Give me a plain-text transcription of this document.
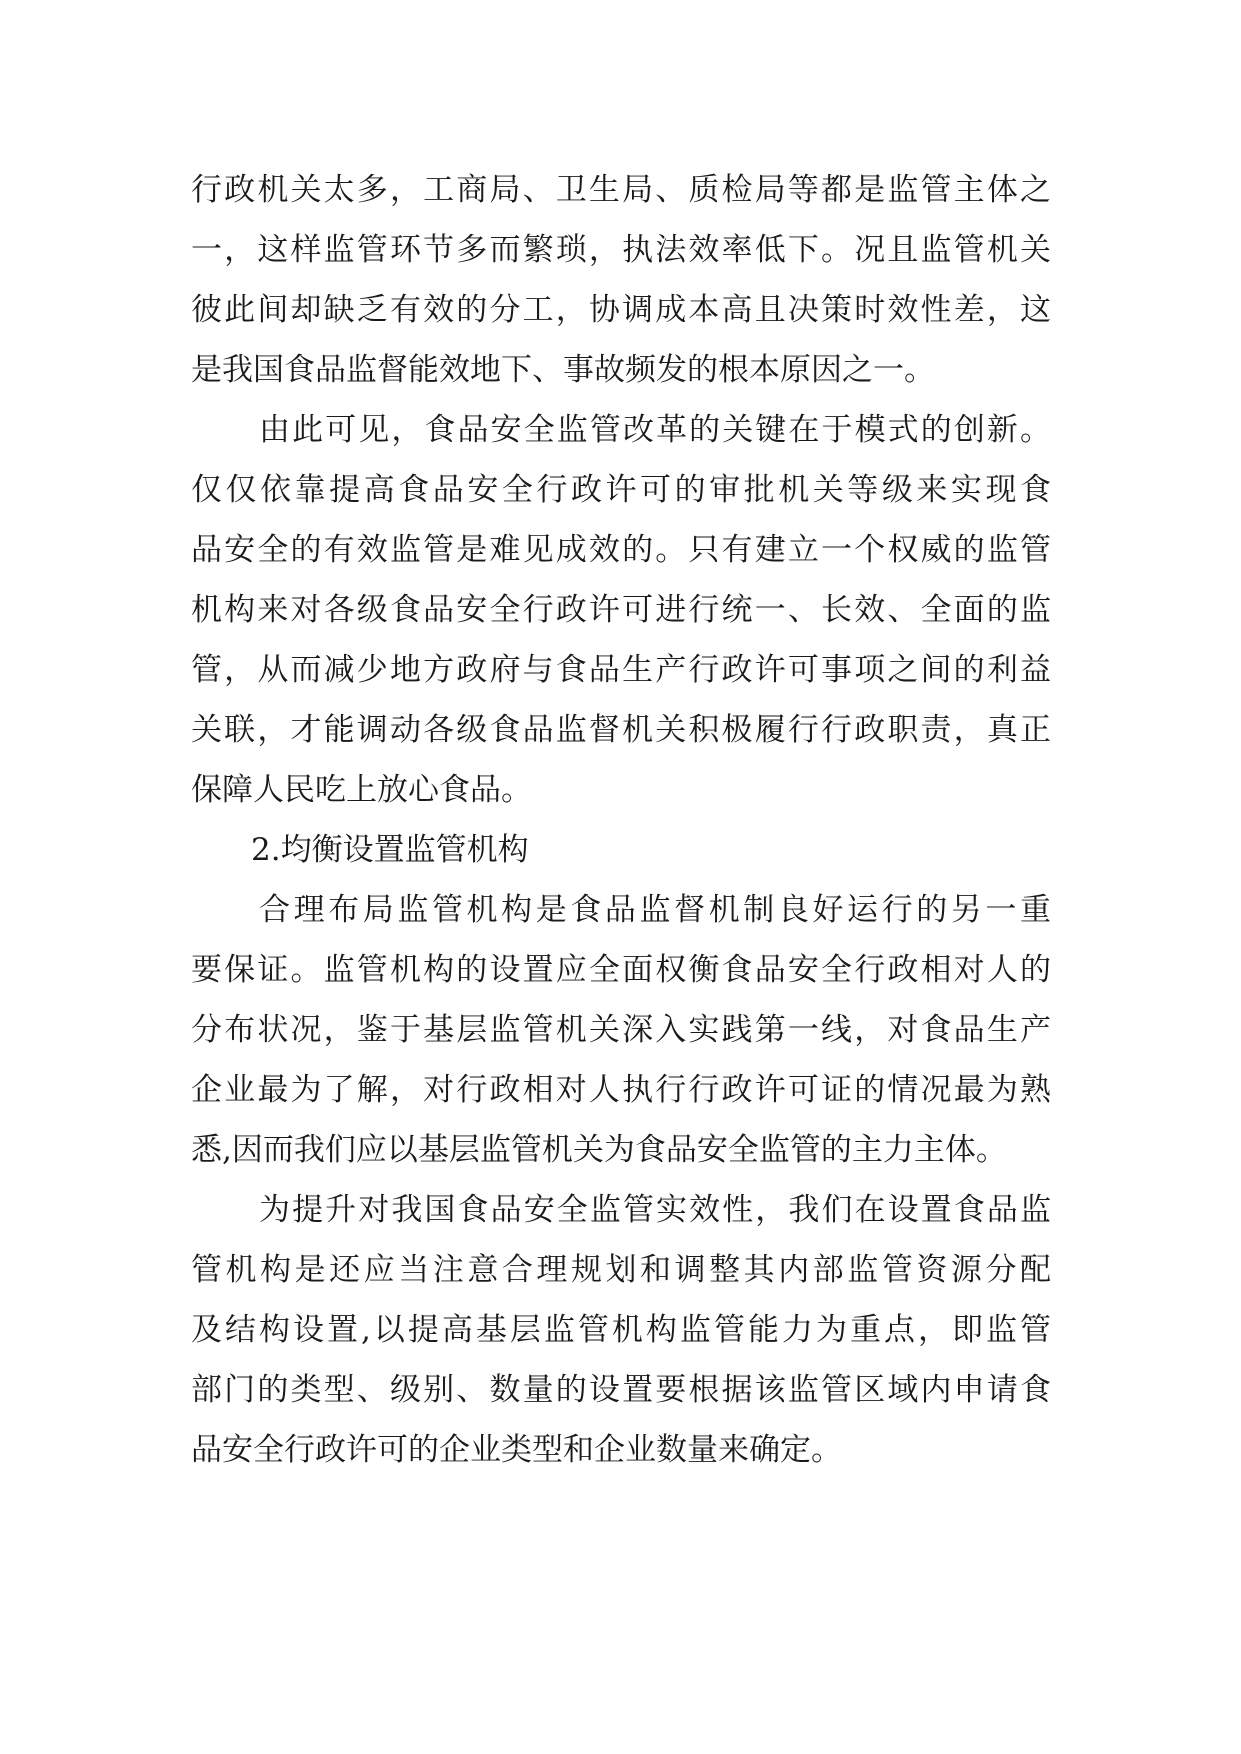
行政机关太多，工商局、卫生局、质检局等都是监管主体之
一，这样监管环节多而繁琐，执法效率低下。况且监管机关
彼此间却缺乏有效的分工，协调成本高且决策时效性差，这
是我国食品监督能效地下、事故频发的根本原因之一。
由此可见，食品安全监管改革的关键在于模式的创新。
仅仅依靠提高食品安全行政许可的审批机关等级来实现食
品安全的有效监管是难见成效的。只有建立一个权威的监管
机构来对各级食品安全行政许可进行统一、长效、全面的监
管，从而减少地方政府与食品生产行政许可事项之间的利益
关联，才能调动各级食品监督机关积极履行行政职责，真正
保障人民吃上放心食品。
2.均衡设置监管机构
合理布局监管机构是食品监督机制良好运行的另一重
要保证。监管机构的设置应全面权衡食品安全行政相对人的
分布状况，鉴于基层监管机关深入实践第一线，对食品生产
企业最为了解，对行政相对人执行行政许可证的情况最为熟
悉,因而我们应以基层监管机关为食品安全监管的主力主体。
为提升对我国食品安全监管实效性，我们在设置食品监
管机构是还应当注意合理规划和调整其内部监管资源分配
及结构设置,以提高基层监管机构监管能力为重点，即监管
部门的类型、级别、数量的设置要根据该监管区域内申请食
品安全行政许可的企业类型和企业数量来确定。
